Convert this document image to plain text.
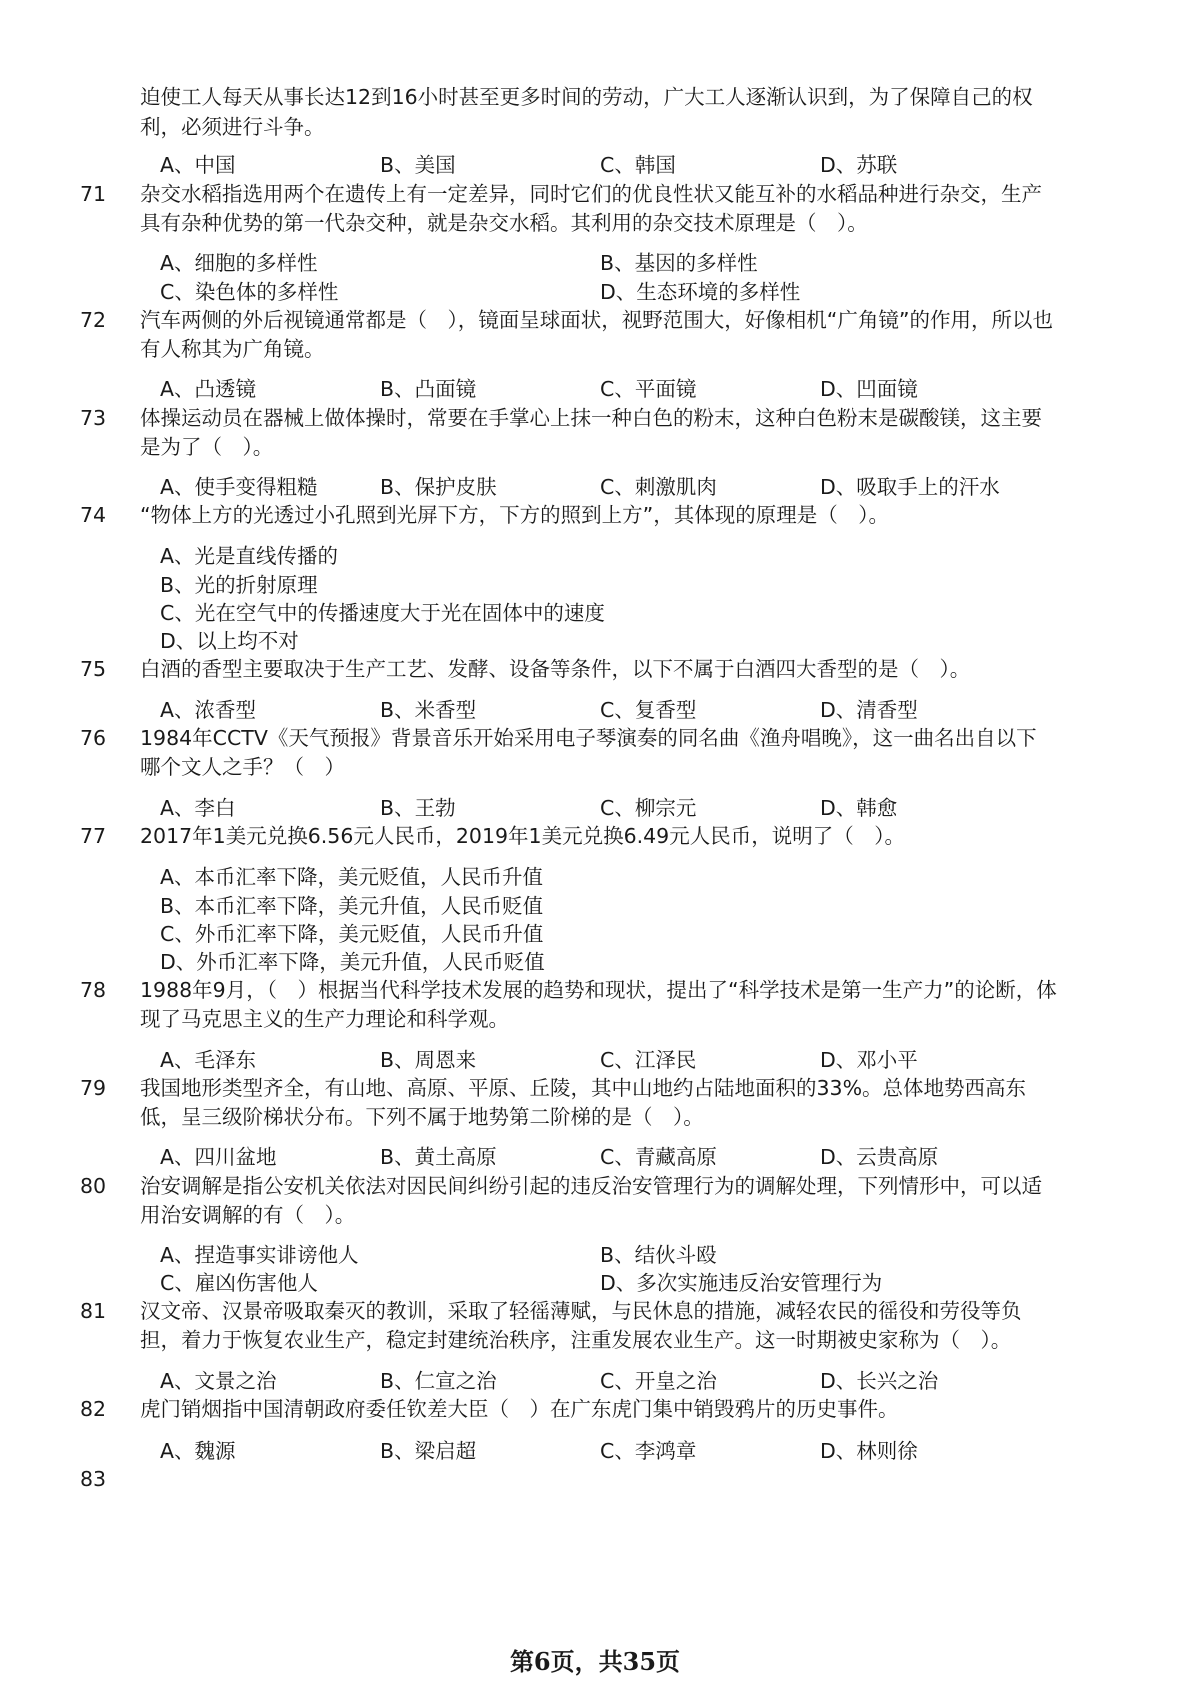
迫使工人每天从事长达12到16小时甚至更多时间的劳动，广大工人逐渐认识到，为了保障自己的权
利，必须进行斗争。
A、中国	B、美国	C、韩国	D、苏联
71 杂交水稻指选用两个在遗传上有一定差异，同时它们的优良性状又能互补的水稻品种进行杂交，生产
具有杂种优势的第一代杂交种，就是杂交水稻。其利用的杂交技术原理是（　）。
A、细胞的多样性	B、基因的多样性
C、染色体的多样性	D、生态环境的多样性
72 汽车两侧的外后视镜通常都是（　），镜面呈球面状，视野范围大，好像相机“广角镜”的作用，所以也
有人称其为广角镜。
A、凸透镜	B、凸面镜	C、平面镜	D、凹面镜
73 体操运动员在器械上做体操时，常要在手掌心上抹一种白色的粉末，这种白色粉末是碳酸镁，这主要
是为了（　）。
A、使手变得粗糙	B、保护皮肤	C、刺激肌肉	D、吸取手上的汗水
74 “物体上方的光透过小孔照到光屏下方，下方的照到上方”，其体现的原理是（　）。
A、光是直线传播的
B、光的折射原理
C、光在空气中的传播速度大于光在固体中的速度
D、以上均不对
75 白酒的香型主要取决于生产工艺、发酵、设备等条件，以下不属于白酒四大香型的是（　）。
A、浓香型	B、米香型	C、复香型	D、清香型
76 1984年CCTV《天气预报》背景音乐开始采用电子琴演奏的同名曲《渔舟唱晚》，这一曲名出自以下
哪个文人之手？（　）
A、李白	B、王勃	C、柳宗元	D、韩愈
77 2017年1美元兑换6.56元人民币，2019年1美元兑换6.49元人民币，说明了（　）。
A、本币汇率下降，美元贬值，人民币升值
B、本币汇率下降，美元升值，人民币贬值
C、外币汇率下降，美元贬值，人民币升值
D、外币汇率下降，美元升值，人民币贬值
78 1988年9月，（　）根据当代科学技术发展的趋势和现状，提出了“科学技术是第一生产力”的论断，体
现了马克思主义的生产力理论和科学观。
A、毛泽东	B、周恩来	C、江泽民	D、邓小平
79 我国地形类型齐全，有山地、高原、平原、丘陵，其中山地约占陆地面积的33%。总体地势西高东
低，呈三级阶梯状分布。下列不属于地势第二阶梯的是（　）。
A、四川盆地	B、黄土高原	C、青藏高原	D、云贵高原
80 治安调解是指公安机关依法对因民间纠纷引起的违反治安管理行为的调解处理，下列情形中，可以适
用治安调解的有（　）。
A、捏造事实诽谤他人	B、结伙斗殴
C、雇凶伤害他人	D、多次实施违反治安管理行为
81 汉文帝、汉景帝吸取秦灭的教训，采取了轻徭薄赋，与民休息的措施，减轻农民的徭役和劳役等负
担，着力于恢复农业生产，稳定封建统治秩序，注重发展农业生产。这一时期被史家称为（　）。
A、文景之治	B、仁宣之治	C、开皇之治	D、长兴之治
82 虎门销烟指中国清朝政府委任钦差大臣（　）在广东虎门集中销毁鸦片的历史事件。
A、魏源	B、梁启超	C、李鸿章	D、林则徐
83
第6页，共35页
